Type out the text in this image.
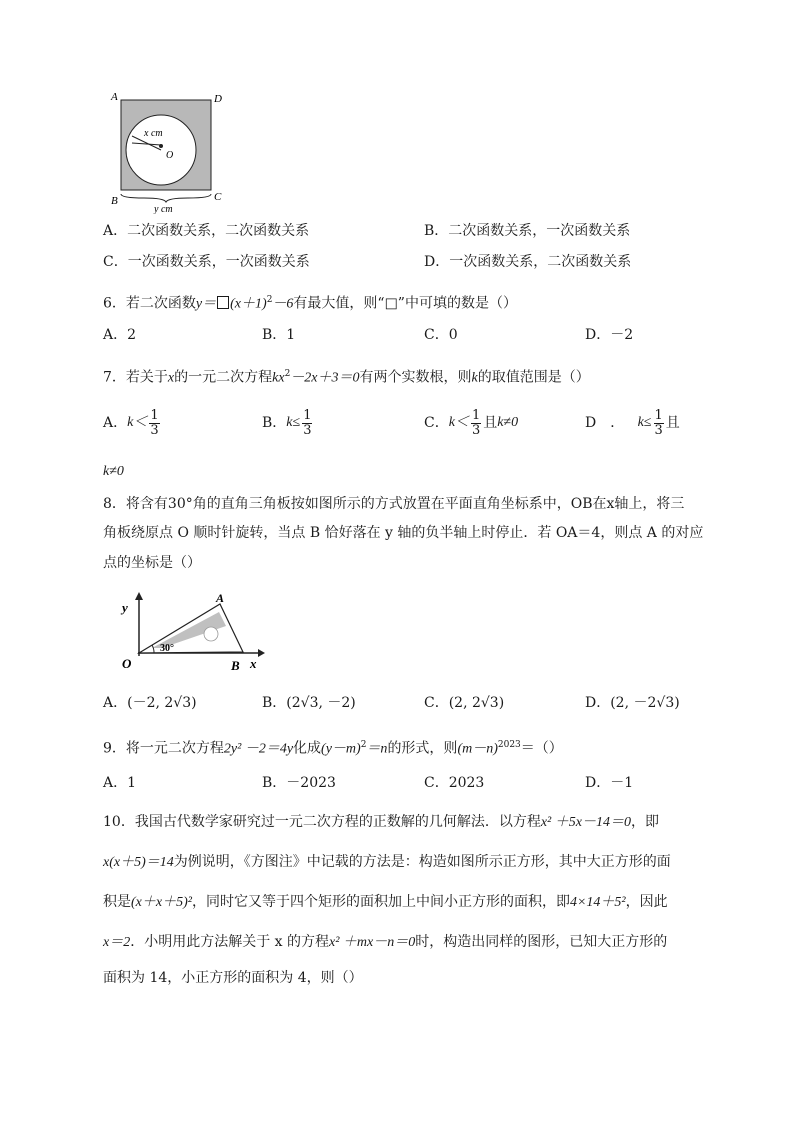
A	D
B	C
x cm
O
y cm
A．二次函数关系，二次函数关系	B．二次函数关系，一次函数关系
C．一次函数关系，一次函数关系	D．一次函数关系，二次函数关系
6．若二次函数$y= (x+1)^2-6$有最大值，则“□”中可填的数是（）
A．2	B．1	C．0	D．－2
7．若关于x的一元二次方程$kx^2-2x+3=0$有两个实数根，则k的取值范围是（）
A． $k< \frac{1}{3}$	B． $k\le \frac{1}{3}$	C． $k< \frac{1}{3}$ 且 k≠0	D　．
$k\le \frac{1}{3}$ 且
k≠0
8．将含有30°角的直角三角板按如图所示的方式放置在平面直角坐标系中，OB在x轴上，将三
角板绕原点 O 顺时针旋转，当点 B 恰好落在 y 轴的负半轴上时停止．若 OA＝4，则点 A 的对应
点的坐标是（）
y
A
30°
O	B x
A．(－2, 2√3)	B．(2√3, －2)	C．(2, 2√3)	D．(2, －2√3)
9．将一元二次方程2y² －2＝4y化成$(y-m)^2=n$的形式，则$(m-n)^{2023}=()$
A．1	B．－2023	C．2023	D．－1
10．我国古代数学家研究过一元二次方程的正数解的几何解法．以方程x² ＋5x－14＝0，即
x(x＋5)＝14为例说明，《方图注》中记载的方法是：构造如图所示正方形，其中大正方形的面
积是(x＋x＋5)²，同时它又等于四个矩形的面积加上中间小正方形的面积，即4×14＋5²，因此
x＝2．小明用此方法解关于 x 的方程x² ＋mx－n＝0时，构造出同样的图形，已知大正方形的
面积为 14，小正方形的面积为 4，则（）
